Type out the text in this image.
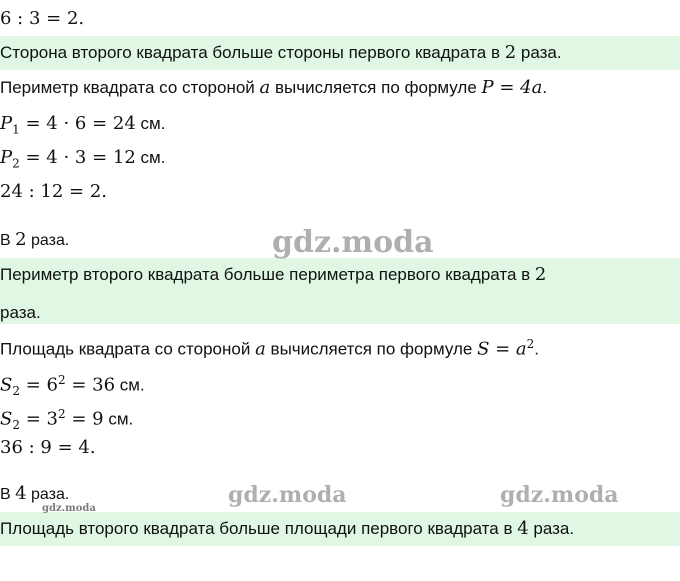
6 : 3 = 2.
Сторона второго квадрата больше стороны первого квадрата в 2 раза.
Периметр квадрата со стороной a вычисляется по формуле P = 4a.
$P_1 = 4 \cdot 6 = 24$ см.
$P_2 = 4 \cdot 3 = 12$ см.
24 : 12 = 2.
В 2 раза.
Периметр второго квадрата больше периметра первого квадрата в 2
раза.
Площадь квадрата со стороной a вычисляется по формуле $S = a^2$.
$S_2 = 6^2 = 36$ см.
$S_2 = 3^2 = 9$ см.
36 : 9 = 4.
В 4 раза.
Площадь второго квадрата больше площади первого квадрата в 4 раза.
gdz.moda
gdz.moda	gdz.moda
gdz.moda
